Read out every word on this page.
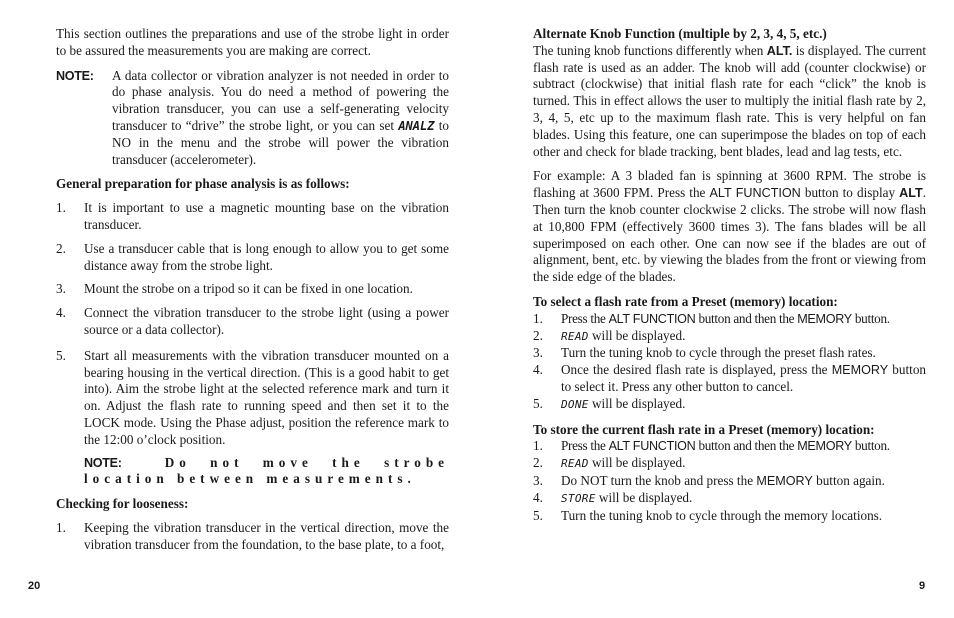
This section outlines the preparations and use of the strobe light in order to be assured the measurements you are making are correct.

NOTE:	A data collector or vibration analyzer is not needed in order to do phase analysis. You do need a method of powering the vibration transducer, you can use a self-generating velocity transducer to “drive” the strobe light, or you can set ANALZ to NO in the menu and the strobe will power the vibration transducer (accelerometer).

General preparation for phase analysis is as follows:

1.	It is important to use a magnetic mounting base on the vibration transducer.
2.	Use a transducer cable that is long enough to allow you to get some distance away from the strobe light.
3.	Mount the strobe on a tripod so it can be fixed in one location.
4.	Connect the vibration transducer to the strobe light (using a power source or a data collector).
5.	Start all measurements with the vibration transducer mounted on a bearing housing in the vertical direction. (This is a good habit to get into). Aim the strobe light at the selected reference mark and turn it on. Adjust the flash rate to running speed and then set it to the LOCK mode. Using the Phase adjust, position the reference mark to the 12:00 o’clock position.

NOTE:	Do not move the strobe location between measurements.

Checking for looseness:

1.	Keeping the vibration transducer in the vertical direction, move the vibration transducer from the foundation, to the base plate, to a foot,
20

Alternate Knob Function (multiple by 2, 3, 4, 5, etc.)

The tuning knob functions differently when ALT. is displayed. The current flash rate is used as an adder. The knob will add (counter clockwise) or subtract (clockwise) that initial flash rate for each “click” the knob is turned. This in effect allows the user to multiply the initial flash rate by 2, 3, 4, 5, etc up to the maximum flash rate. This is very helpful on fan blades. Using this feature, one can superimpose the blades on top of each other and check for blade tracking, bent blades, lead and lag tests, etc.

For example: A 3 bladed fan is spinning at 3600 RPM. The strobe is flashing at 3600 FPM. Press the ALT FUNCTION button to display ALT. Then turn the knob counter clockwise 2 clicks. The strobe will now flash at 10,800 FPM (effectively 3600 times 3). The fans blades will be all superimposed on each other. One can now see if the blades are out of alignment, bent, etc. by viewing the blades from the front or viewing from the side edge of the blades.

To select a flash rate from a Preset (memory) location:

1.	Press the ALT FUNCTION button and then the MEMORY button.
2.	READ will be displayed.
3.	Turn the tuning knob to cycle through the preset flash rates.
4.	Once the desired flash rate is displayed, press the MEMORY button to select it. Press any other button to cancel.
5.	DONE will be displayed.

To store the current flash rate in a Preset (memory) location:

1.	Press the ALT FUNCTION button and then the MEMORY button.
2.	READ will be displayed.
3.	Do NOT turn the knob and press the MEMORY button again.
4.	STORE will be displayed.
5.	Turn the tuning knob to cycle through the memory locations.
9
